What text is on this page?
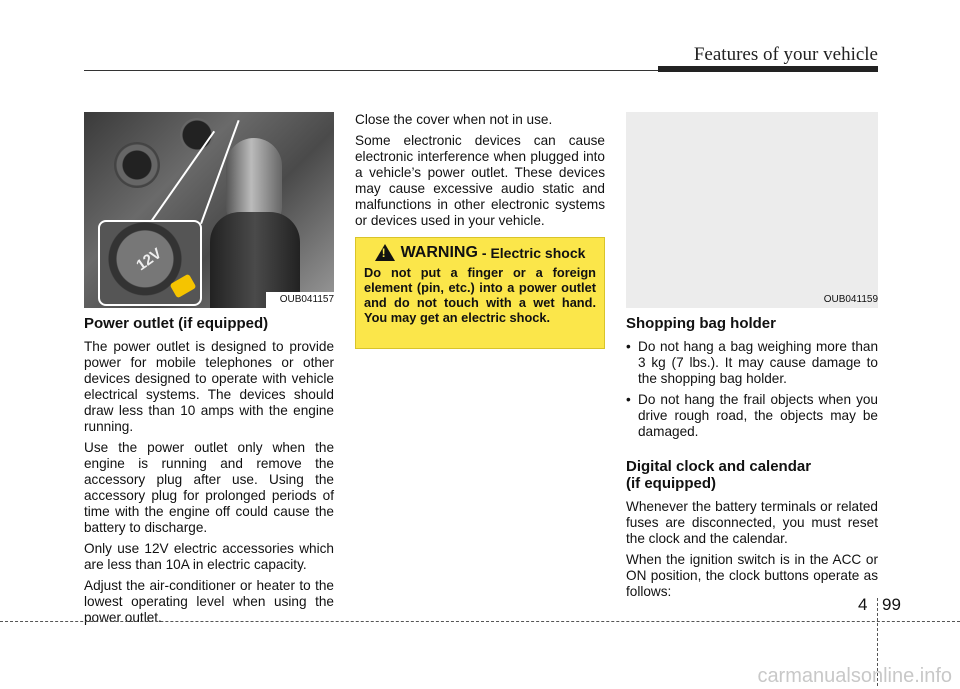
Features of your vehicle
12V
OUB041157
Power outlet (if equipped)

The power outlet is designed to provide power for mobile telephones or other devices designed to operate with vehicle electrical systems. The devices should draw less than 10 amps with the engine running.

Use the power outlet only when the engine is running and remove the accessory plug after use. Using the accessory plug for prolonged periods of time with the engine off could cause the battery to discharge.

Only use 12V electric accessories which are less than 10A in electric capacity.

Adjust the air-conditioner or heater to the lowest operating level when using the power outlet.

Close the cover when not in use.

Some electronic devices can cause electronic interference when plugged into a vehicle’s power outlet. These devices may cause excessive audio static and malfunctions in other electronic systems or devices used in your vehicle.

!
WARNING - Electric shock
Do not put a finger or a foreign element (pin, etc.) into a power outlet and do not touch with a wet hand. You may get an electric shock.
OUB041159
Shopping bag holder
• Do not hang a bag weighing more than 3 kg (7 lbs.). It may cause damage to the shopping bag holder.
• Do not hang the frail objects when you drive rough road, the objects may be damaged.
Digital clock and calendar
(if equipped)

Whenever the battery terminals or related fuses are disconnected, you must reset the clock and the calendar.

When the ignition switch is in the ACC or ON position, the clock buttons operate as follows:

4 99
carmanualsonline.info
